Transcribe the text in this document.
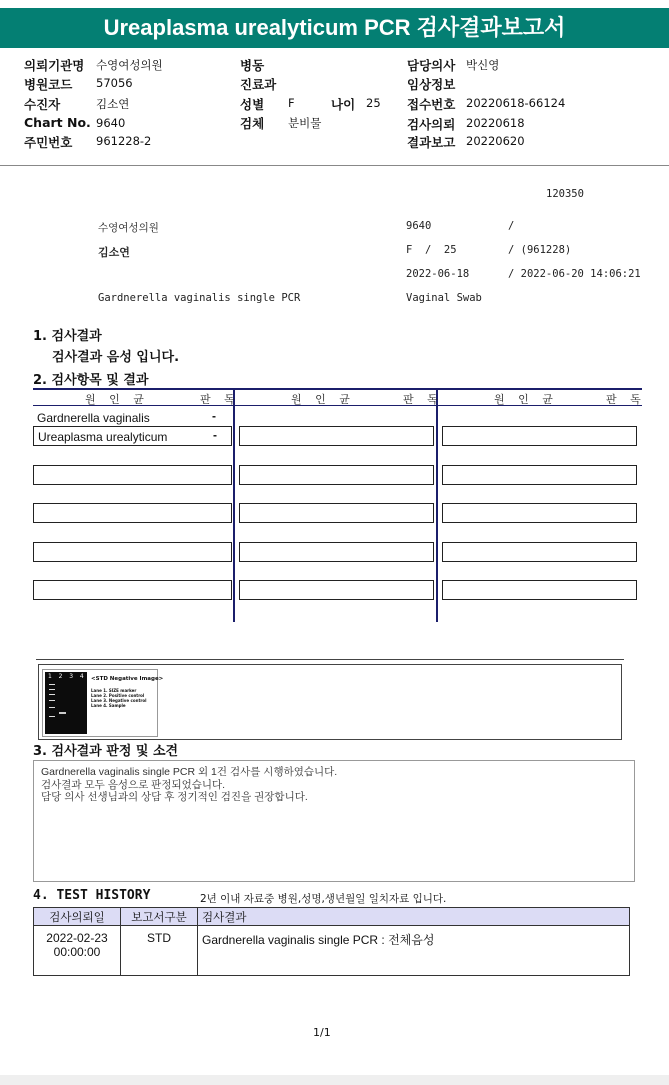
Ureaplasma urealyticum PCR 검사결과보고서
의뢰기관명 수영여성의원
병원코드 57056
수진자	김소연
Chart No. 9640
주민번호 961228-2
병동
진료과
성별 F	나이 25
검체 분비물
담당의사 박신영
임상정보
접수번호 20220618-66124
검사의뢰 20220618
결과보고 20220620
120350
수영여성의원	9640	/
김소연	F  /  25	/ (961228)
2022-06-18	/ 2022-06-20 14:06:21
Gardnerella vaginalis single PCR	Vaginal Swab
1. 검사결과
검사결과 음성 입니다.
2. 검사항목 및 결과
원 인 균	판 독	원 인 균	판 독	원 인 균	판 독
Gardnerella vaginalis	-
Ureaplasma urealyticum	-
1  2  3  4 <STD Negative Image>
Lane 1. SIZE marker
Lane 2. Positive control
Lane 3. Negative control
Lane 4. Sample
3. 검사결과 판정 및 소견
Gardnerella vaginalis single PCR 외 1건 검사를 시행하였습니다.
검사결과 모두 음성으로 판정되었습니다.
담당 의사 선생님과의 상담 후 정기적인 검진을 권장합니다.
4. TEST HISTORY	2년 이내 자료중 병원,성명,생년월일 일치자료 입니다.
검사의뢰일	보고서구분	검사결과

2022-02-23
00:00:00	STD	Gardnerella vaginalis single PCR : 전체음성
1/1
